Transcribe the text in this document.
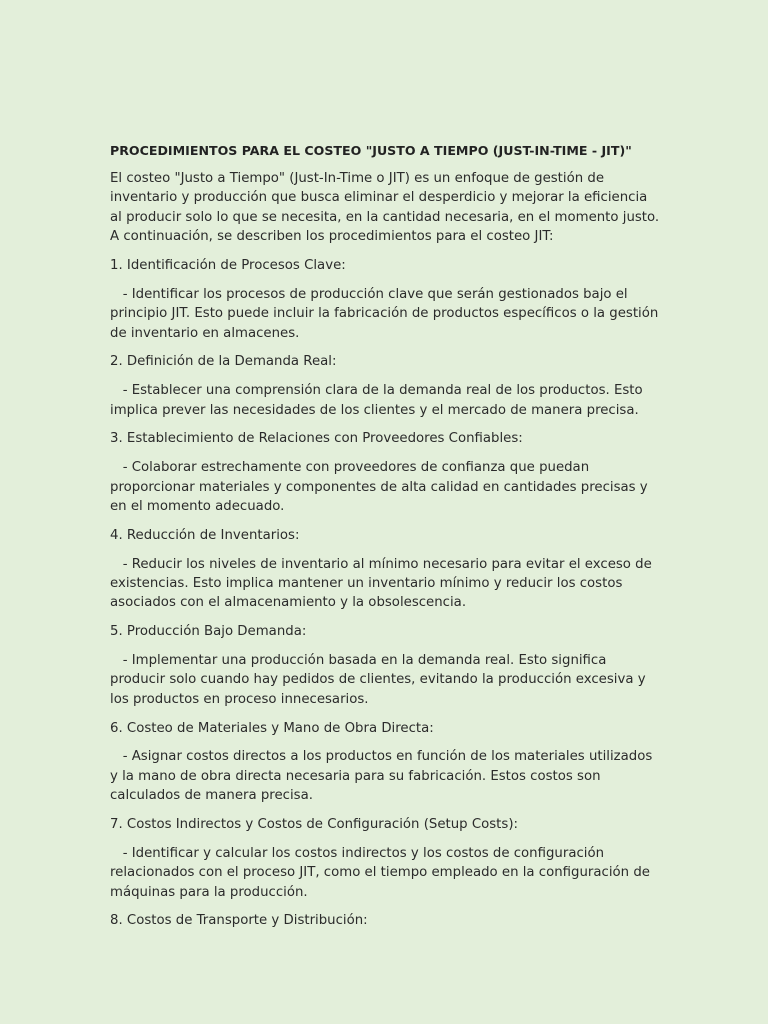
PROCEDIMIENTOS PARA EL COSTEO "JUSTO A TIEMPO (JUST-IN-TIME - JIT)"
El costeo "Justo a Tiempo" (Just-In-Time o JIT) es un enfoque de gestión de inventario y producción que busca eliminar el desperdicio y mejorar la eficiencia al producir solo lo que se necesita, en la cantidad necesaria, en el momento justo. A continuación, se describen los procedimientos para el costeo JIT:
1. Identificación de Procesos Clave:
- Identificar los procesos de producción clave que serán gestionados bajo el principio JIT. Esto puede incluir la fabricación de productos específicos o la gestión de inventario en almacenes.
2. Definición de la Demanda Real:
- Establecer una comprensión clara de la demanda real de los productos. Esto implica prever las necesidades de los clientes y el mercado de manera precisa.
3. Establecimiento de Relaciones con Proveedores Confiables:
- Colaborar estrechamente con proveedores de confianza que puedan proporcionar materiales y componentes de alta calidad en cantidades precisas y en el momento adecuado.
4. Reducción de Inventarios:
- Reducir los niveles de inventario al mínimo necesario para evitar el exceso de existencias. Esto implica mantener un inventario mínimo y reducir los costos asociados con el almacenamiento y la obsolescencia.
5. Producción Bajo Demanda:
- Implementar una producción basada en la demanda real. Esto significa producir solo cuando hay pedidos de clientes, evitando la producción excesiva y los productos en proceso innecesarios.
6. Costeo de Materiales y Mano de Obra Directa:
- Asignar costos directos a los productos en función de los materiales utilizados y la mano de obra directa necesaria para su fabricación. Estos costos son calculados de manera precisa.
7. Costos Indirectos y Costos de Configuración (Setup Costs):
- Identificar y calcular los costos indirectos y los costos de configuración relacionados con el proceso JIT, como el tiempo empleado en la configuración de máquinas para la producción.
8. Costos de Transporte y Distribución:
